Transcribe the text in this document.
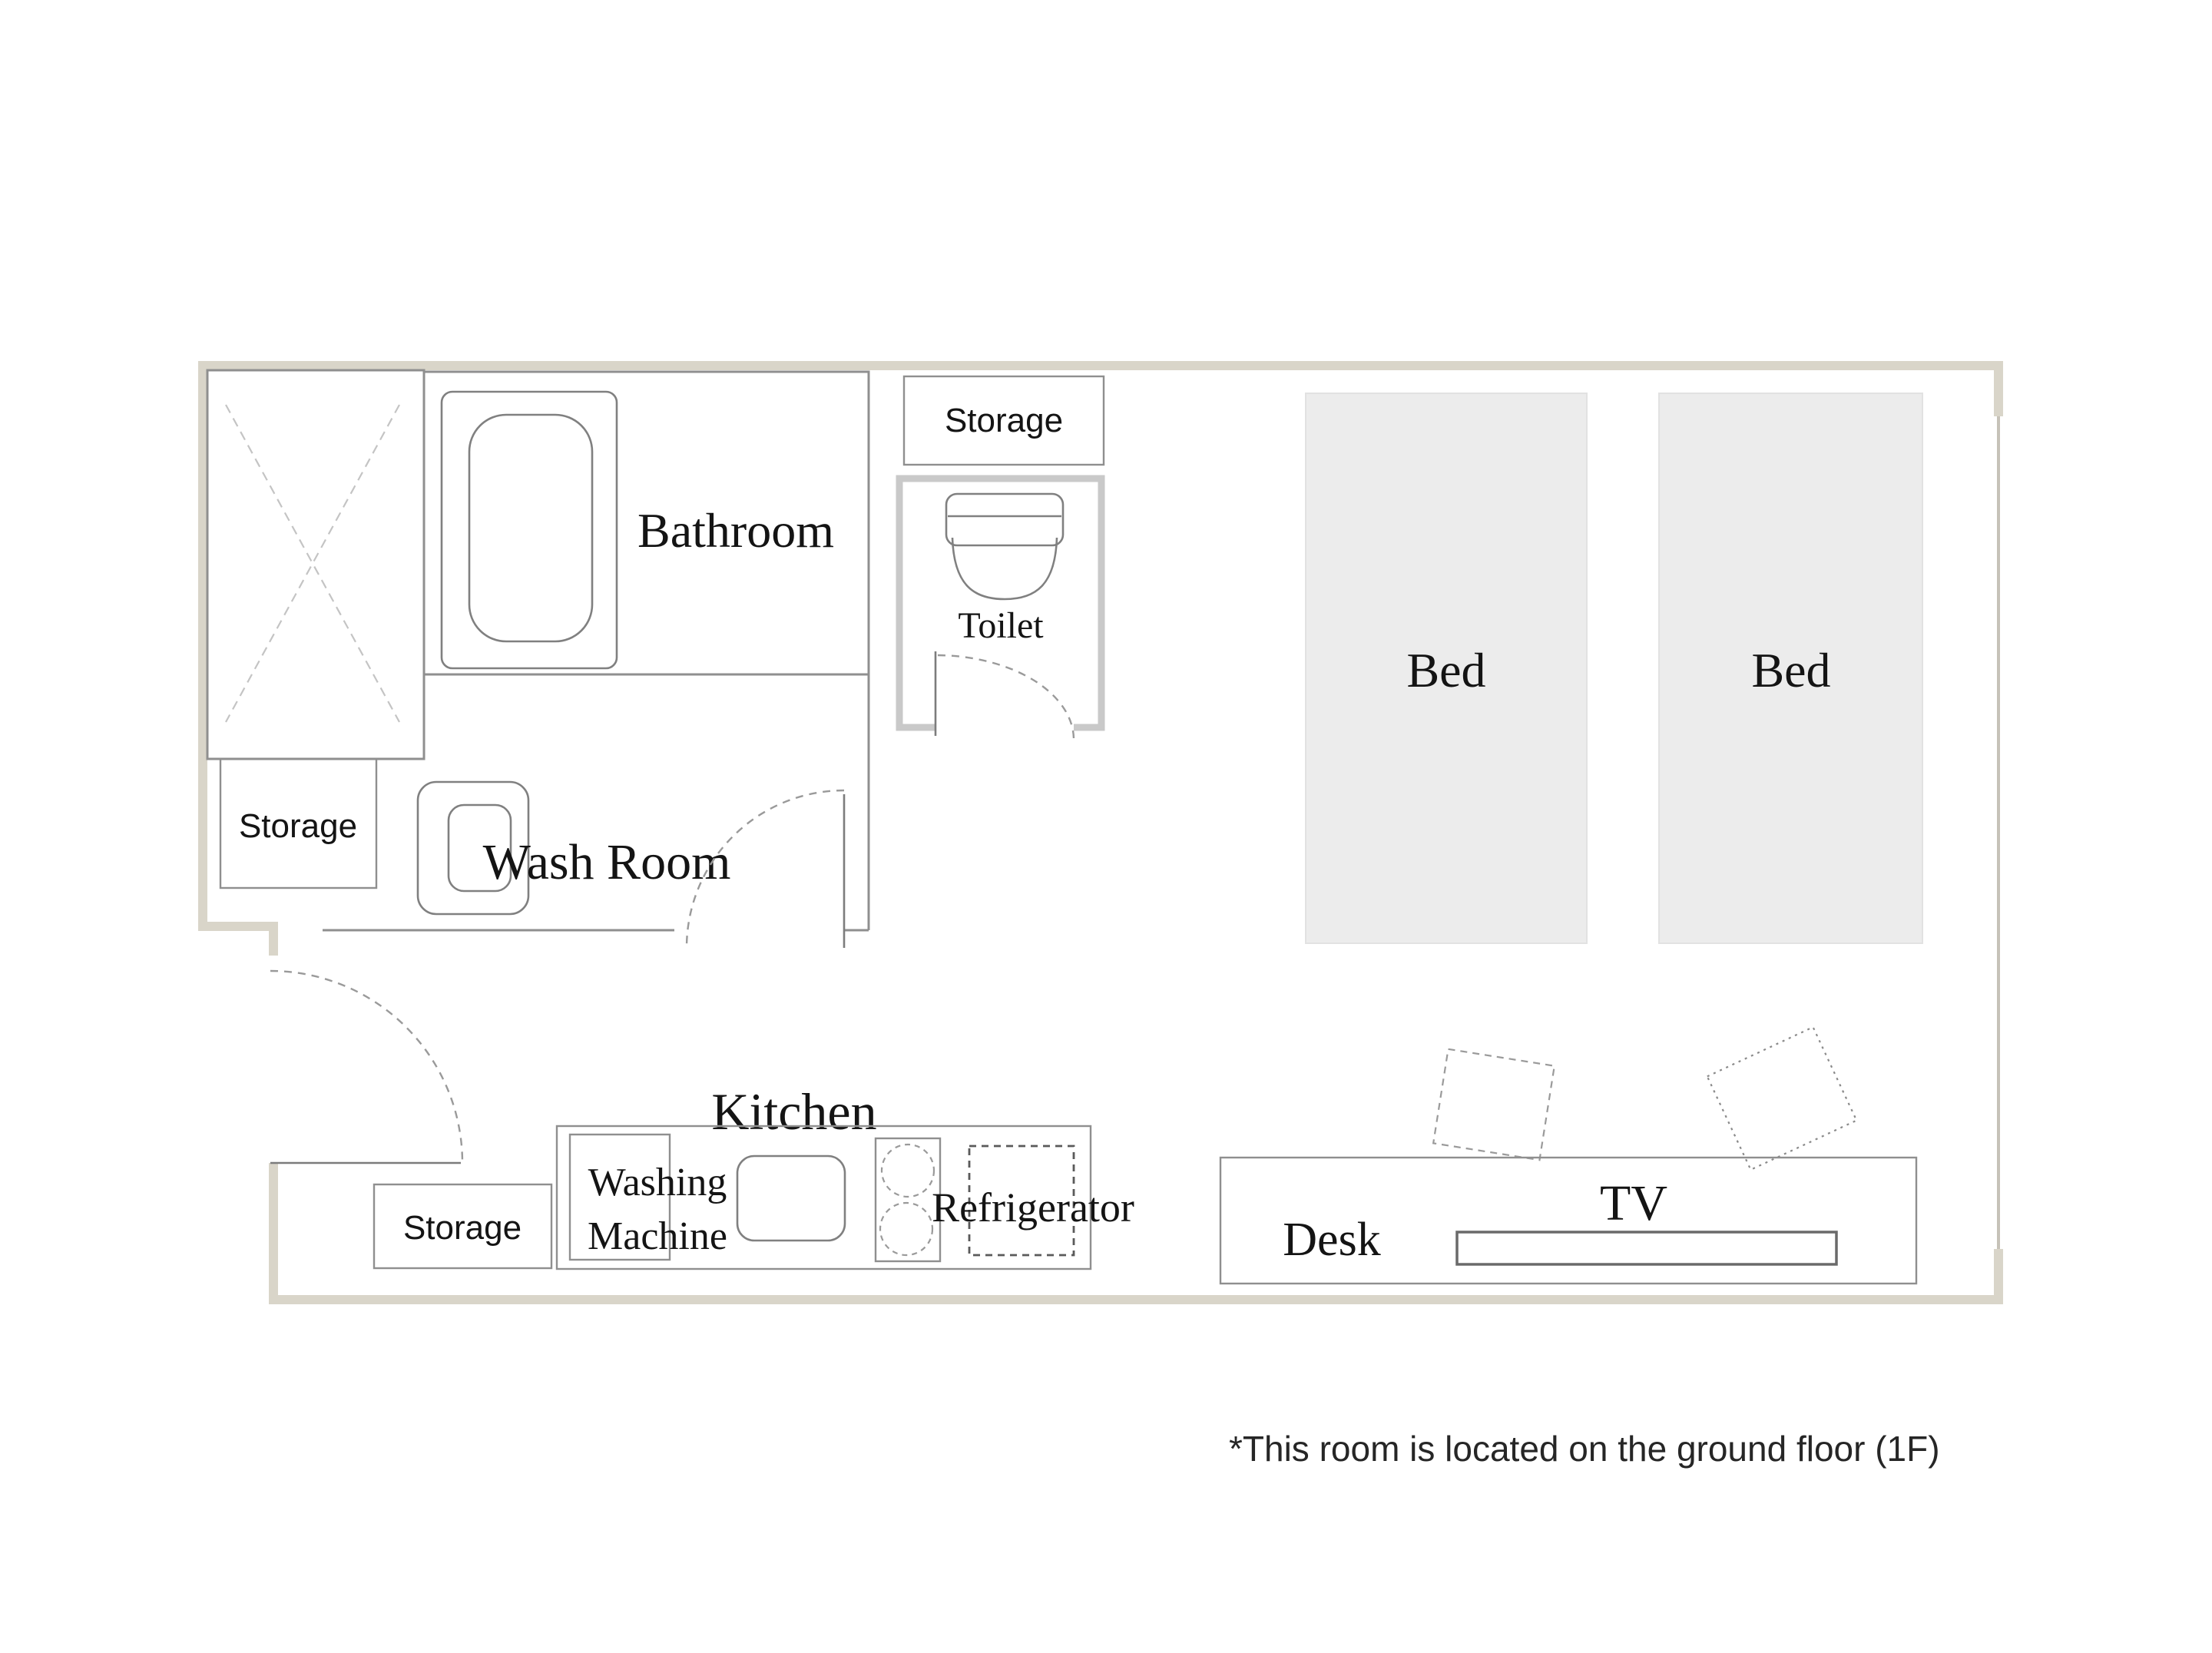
Bathroom
Wash Room
Storage
Storage
Storage
Toilet
Kitchen
Washing
Machine
Refrigerator
Bed	Bed
Desk
TV
*This room is located on the ground floor (1F)
